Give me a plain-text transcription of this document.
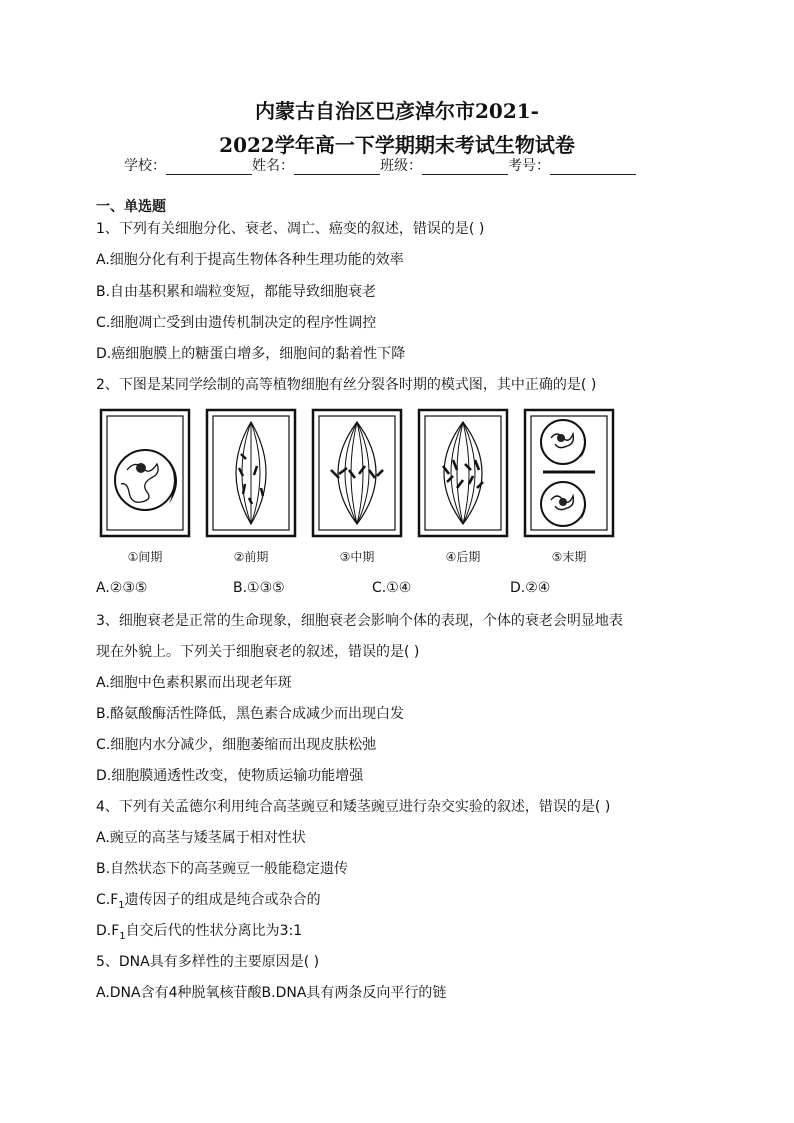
内蒙古自治区巴彦淖尔市2021-
2022学年高一下学期期末考试生物试卷
学校：	姓名：	班级：	考号：
一、单选题
1、下列有关细胞分化、衰老、凋亡、癌变的叙述，错误的是( )
A.细胞分化有利于提高生物体各种生理功能的效率
B.自由基积累和端粒变短，都能导致细胞衰老
C.细胞凋亡受到由遗传机制决定的程序性调控
D.癌细胞膜上的糖蛋白增多，细胞间的黏着性下降
2、下图是某同学绘制的高等植物细胞有丝分裂各时期的模式图，其中正确的是( )
①间期	②前期	③中期	④后期	⑤末期
A.②③⑤	B.①③⑤	C.①④	D.②④
3、细胞衰老是正常的生命现象，细胞衰老会影响个体的表现，个体的衰老会明显地表
现在外貌上。下列关于细胞衰老的叙述，错误的是( )
A.细胞中色素积累而出现老年斑
B.酪氨酸酶活性降低，黑色素合成减少而出现白发
C.细胞内水分减少，细胞萎缩而出现皮肤松弛
D.细胞膜通透性改变，使物质运输功能增强
4、下列有关孟德尔利用纯合高茎豌豆和矮茎豌豆进行杂交实验的叙述，错误的是( )
A.豌豆的高茎与矮茎属于相对性状
B.自然状态下的高茎豌豆一般能稳定遗传
$C.F_1$遗传因子的组成是纯合或杂合的
$D.F_1$自交后代的性状分离比为3:1
5、DNA具有多样性的主要原因是( )
A.DNA含有4种脱氧核苷酸B.DNA具有两条反向平行的链
